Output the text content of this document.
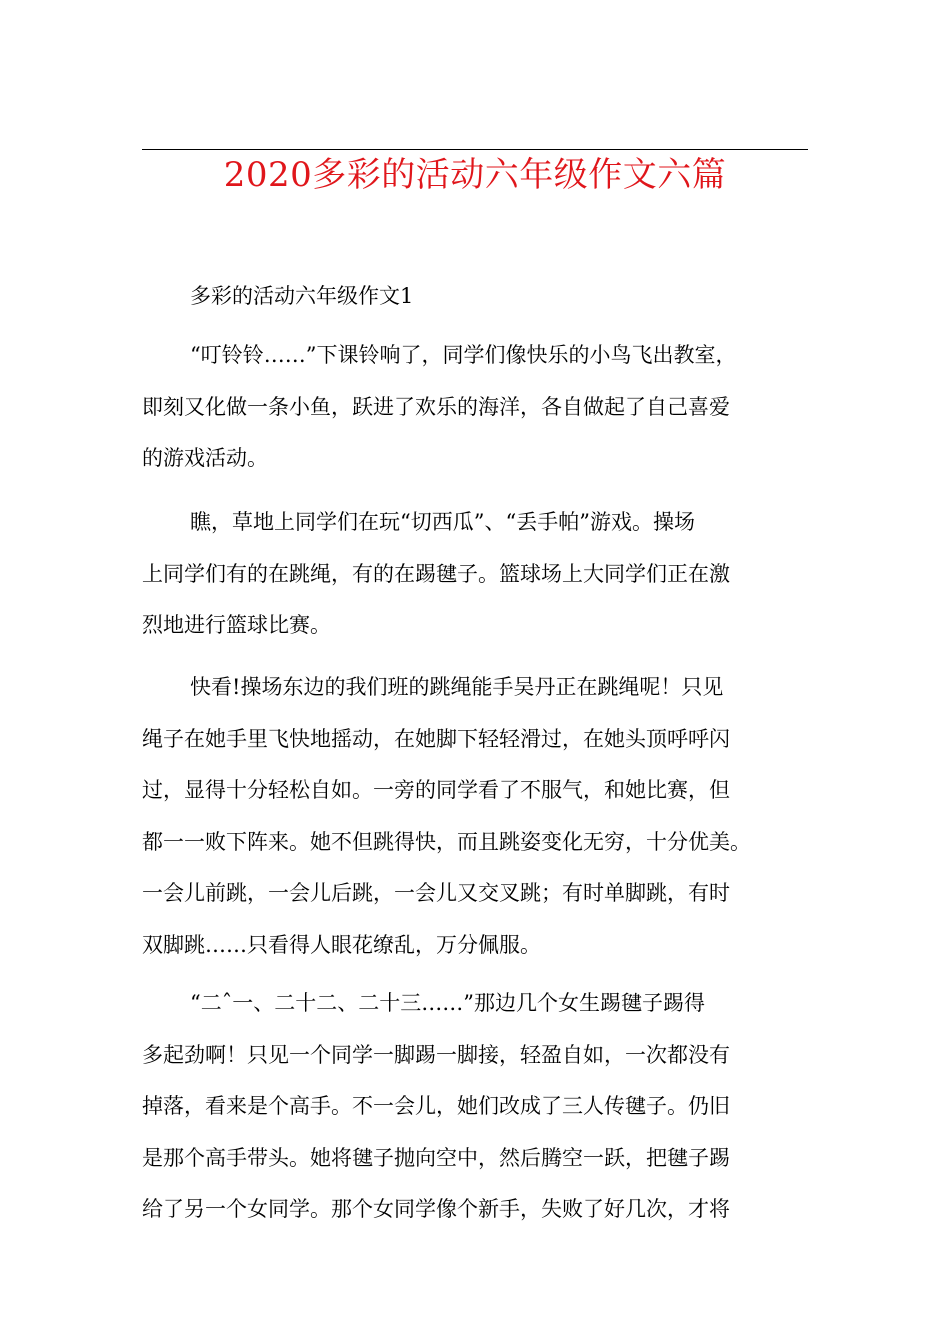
2020多彩的活动六年级作文六篇
多彩的活动六年级作文1
“叮铃铃……”下课铃响了，同学们像快乐的小鸟飞出教室，
即刻又化做一条小鱼，跃进了欢乐的海洋，各自做起了自己喜爱
的游戏活动。
瞧，草地上同学们在玩“切西瓜”、“丢手帕”游戏。操场
上同学们有的在跳绳，有的在踢毽子。篮球场上大同学们正在激
烈地进行篮球比赛。
快看!操场东边的我们班的跳绳能手吴丹正在跳绳呢！只见
绳子在她手里飞快地摇动，在她脚下轻轻滑过，在她头顶呼呼闪
过，显得十分轻松自如。一旁的同学看了不服气，和她比赛，但
都一一败下阵来。她不但跳得快，而且跳姿变化无穷，十分优美。
一会儿前跳，一会儿后跳，一会儿又交叉跳；有时单脚跳，有时
双脚跳……只看得人眼花缭乱，万分佩服。
“二ˆ一、二十二、二十三……”那边几个女生踢毽子踢得
多起劲啊！只见一个同学一脚踢一脚接，轻盈自如，一次都没有
掉落，看来是个高手。不一会儿，她们改成了三人传毽子。仍旧
是那个高手带头。她将毽子抛向空中，然后腾空一跃，把毽子踢
给了另一个女同学。那个女同学像个新手，失败了好几次，才将
